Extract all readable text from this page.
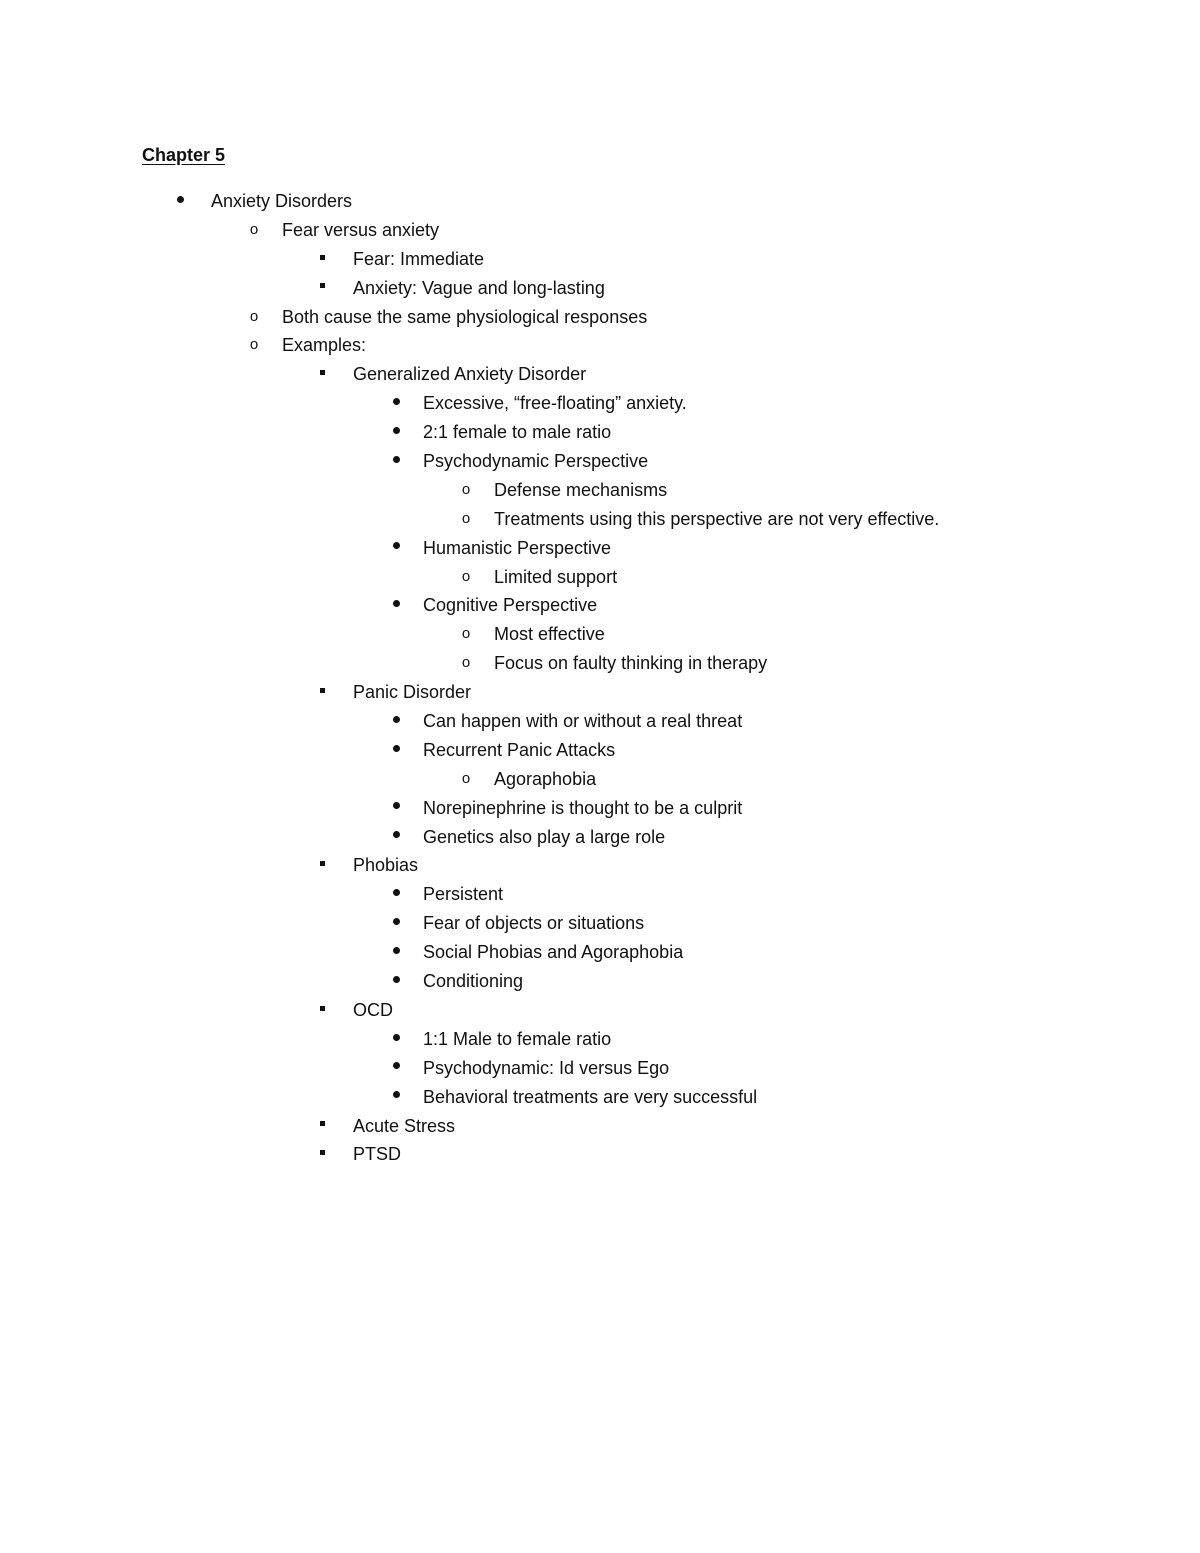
Chapter 5
Anxiety Disorders
o Fear versus anxiety
Fear: Immediate
Anxiety: Vague and long-lasting
o Both cause the same physiological responses
o Examples:
Generalized Anxiety Disorder
Excessive, “free-floating” anxiety.
2:1 female to male ratio
Psychodynamic Perspective
o Defense mechanisms
o Treatments using this perspective are not very effective.
Humanistic Perspective
o Limited support
Cognitive Perspective
o Most effective
o Focus on faulty thinking in therapy
Panic Disorder
Can happen with or without a real threat
Recurrent Panic Attacks
o Agoraphobia
Norepinephrine is thought to be a culprit
Genetics also play a large role
Phobias
Persistent
Fear of objects or situations
Social Phobias and Agoraphobia
Conditioning
OCD
1:1 Male to female ratio
Psychodynamic: Id versus Ego
Behavioral treatments are very successful
Acute Stress
PTSD
